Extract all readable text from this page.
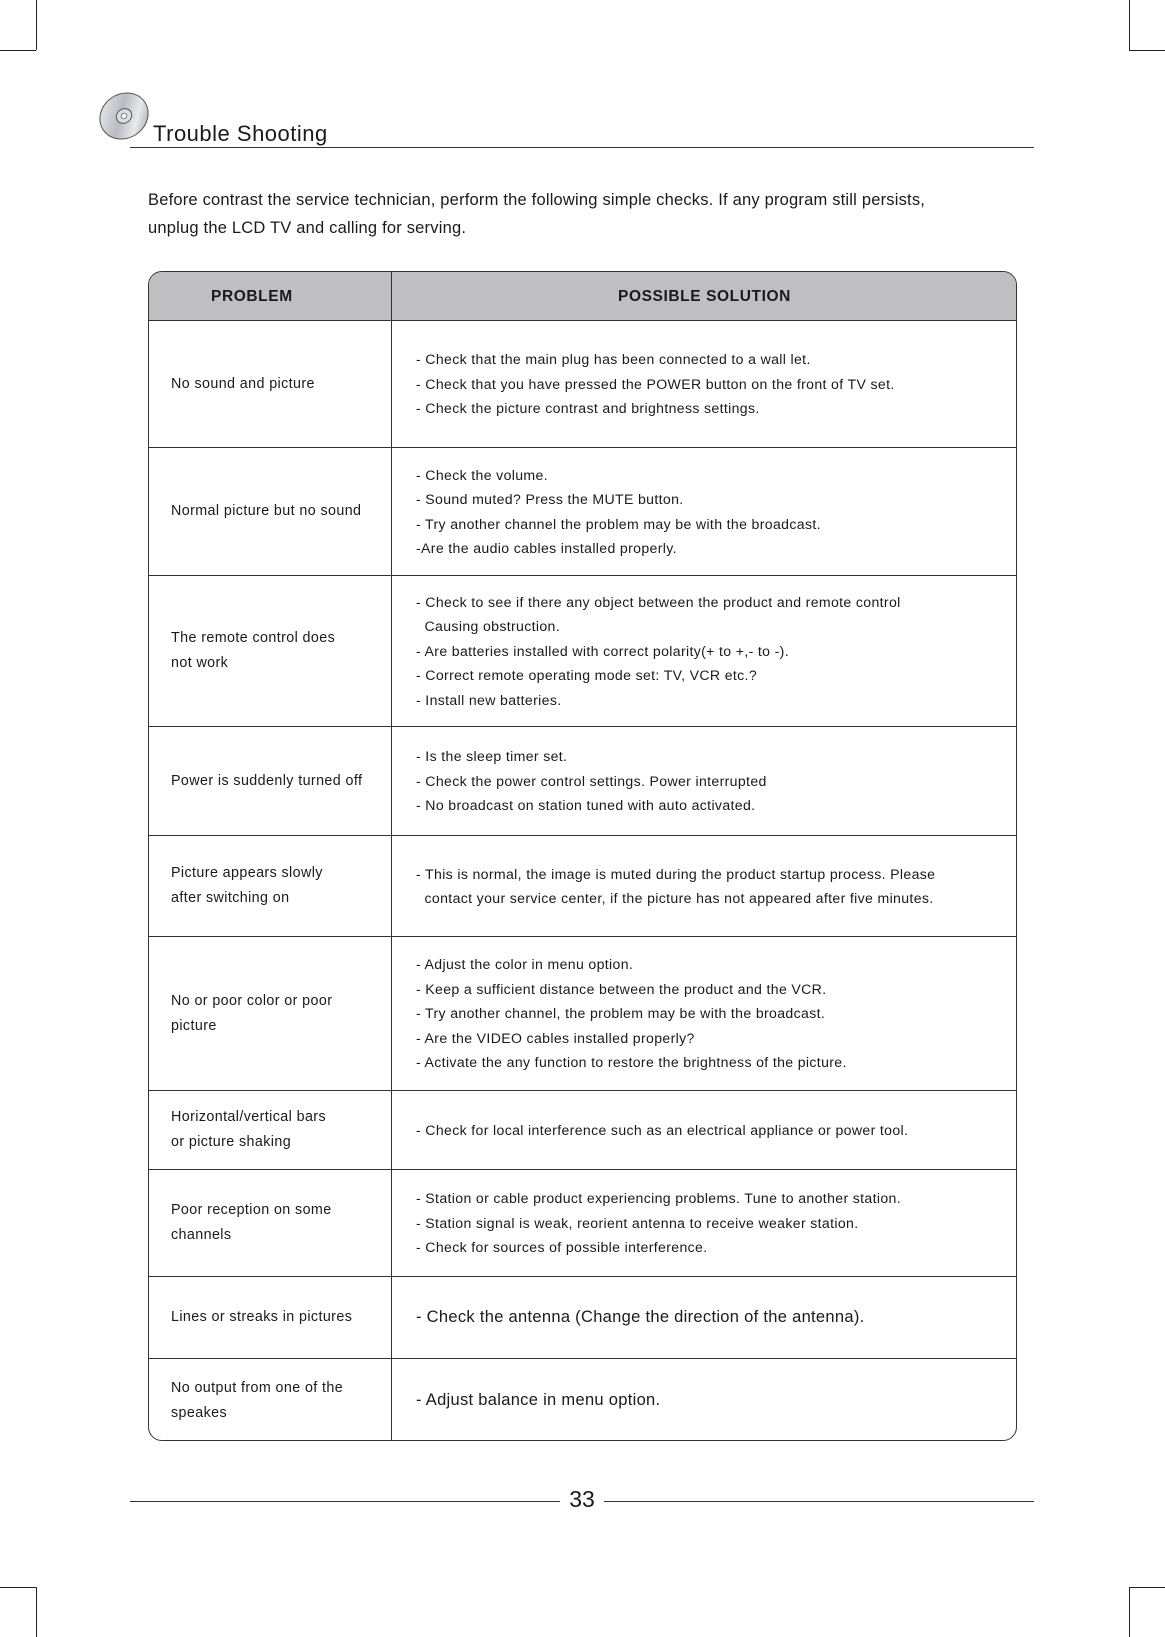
Trouble Shooting

Before contrast the service technician, perform the following simple checks. If any program still persists,

unplug the LCD TV and calling for serving.

PROBLEM	POSSIBLE SOLUTION
No sound and picture
- Check that the main plug has been connected to a wall let.
- Check that you have pressed the POWER button on the front of TV set.
- Check the picture contrast and brightness settings.
Normal picture but no sound
- Check the volume.
- Sound muted? Press the MUTE button.
- Try another channel the problem may be with the broadcast.
-Are the audio cables installed properly.
The remote control does
not work
- Check to see if there any object between the product and remote control
Causing obstruction.
- Are batteries installed with correct polarity(+ to +,- to -).
- Correct remote operating mode set: TV, VCR etc.?
- Install new batteries.
Power is suddenly turned off
- Is the sleep timer set.
- Check the power control settings. Power interrupted
- No broadcast on station tuned with auto activated.
Picture appears slowly
after switching on
- This is normal, the image is muted during the product startup process. Please
contact your service center, if the picture has not appeared after five minutes.
No or poor color or poor
picture
- Adjust the color in menu option.
- Keep a sufficient distance between the product and the VCR.
- Try another channel, the problem may be with the broadcast.
- Are the VIDEO cables installed properly?
- Activate the any function to restore the brightness of the picture.
Horizontal/vertical bars
or picture shaking
- Check for local interference such as an electrical appliance or power tool.
Poor reception on some
channels
- Station or cable product experiencing problems. Tune to another station.
- Station signal is weak, reorient antenna to receive weaker station.
- Check for sources of possible interference.
Lines or streaks in pictures	- Check the antenna (Change the direction of the antenna).
No output from one of the
speakes
- Adjust balance in menu option.
33
